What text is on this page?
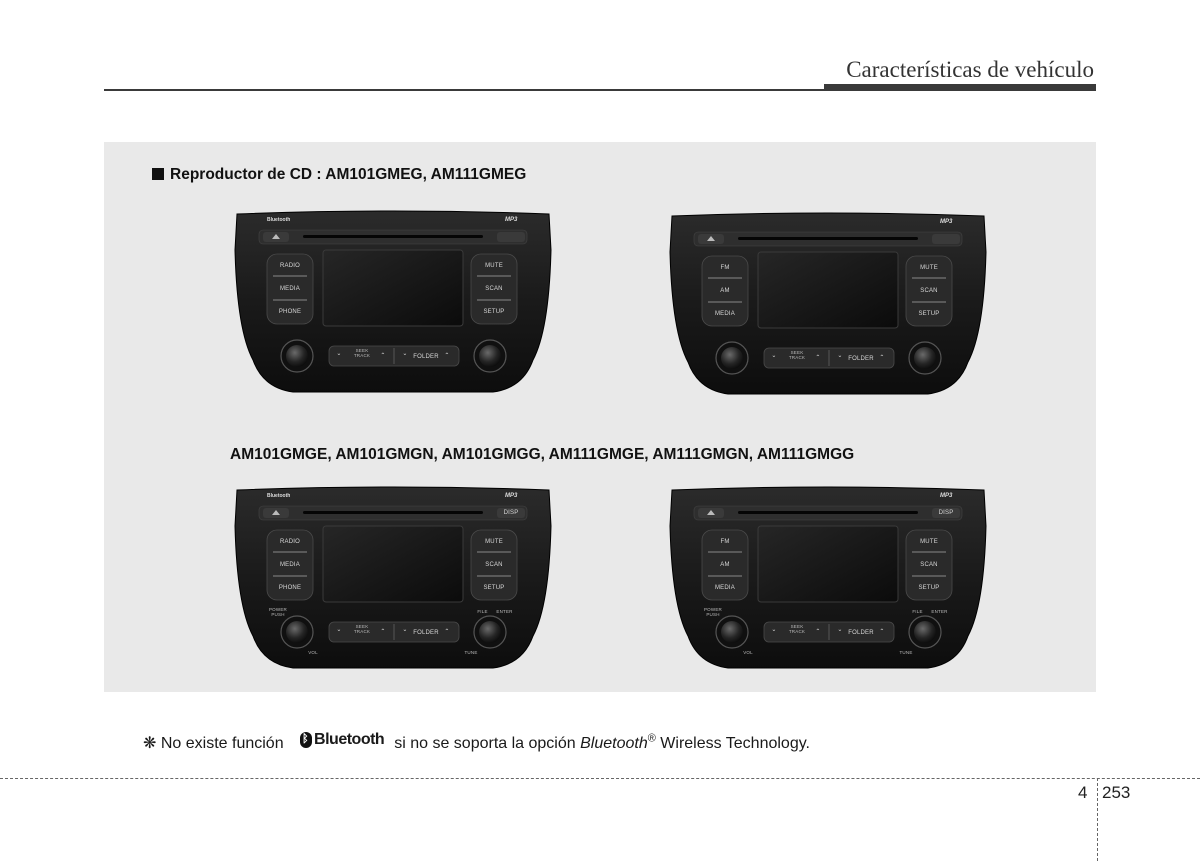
Características de vehículo
Reproductor de CD : AM101GMEG, AM111GMEG
AM101GMGE, AM101GMGN, AM101GMGG, AM111GMGE, AM111GMGN, AM111GMGG
Bluetooth	MP3
RADIO
MEDIA
PHONE
MUTE
SCAN
SETUP
⌄
SEEK
TRACK	⌃	⌄ FOLDER ⌃
MP3
FM
AM
MEDIA
MUTE
SCAN
SETUP
⌄
SEEK
TRACK	⌃	⌄ FOLDER ⌃
Bluetooth	MP3
DISP
RADIO
MEDIA
PHONE
MUTE
SCAN
SETUP
⌄
SEEK
TRACK	⌃	⌄ FOLDER ⌃
POWER
PUSH
VOL
FILE      ENTER
TUNE
MP3
DISP
FM
AM
MEDIA
MUTE
SCAN
SETUP
⌄
SEEK
TRACK	⌃	⌄ FOLDER ⌃
POWER
PUSH
VOL
FILE      ENTER
TUNE
❋ No existe función
ᛒ Bluetooth si no se soporta la opción Bluetooth® Wireless Technology.
4 253
